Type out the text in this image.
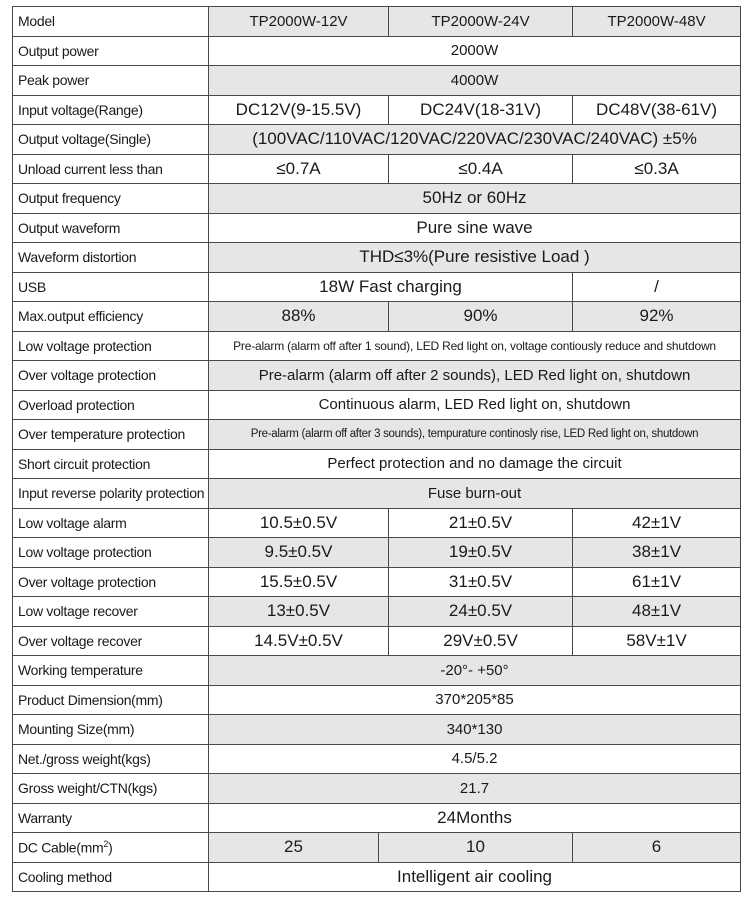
Model	TP2000W-12V		TP2000W-24V	TP2000W-48V
Output power	2000W			
Peak power	4000W			
Input voltage(Range)	DC12V(9-15.5V)		DC24V(18-31V)	DC48V(38-61V)
Output voltage(Single)	(100VAC/110VAC/120VAC/220VAC/230VAC/240VAC) ±5%			
Unload current less than	≤0.7A		≤0.4A	≤0.3A
Output frequency	50Hz or 60Hz			
Output waveform	Pure sine wave			
Waveform distortion	THD≤3%(Pure resistive Load )			
USB	18W Fast charging			/
Max.output efficiency	88%		90%	92%
Low voltage protection	Pre-alarm (alarm off after 1 sound), LED Red light on, voltage contiously reduce and shutdown			
Over voltage protection	Pre-alarm (alarm off after 2 sounds), LED Red light on, shutdown			
Overload protection	Continuous alarm, LED Red light on, shutdown			
Over temperature protection	Pre-alarm (alarm off after 3 sounds), tempurature continosly rise, LED Red light on, shutdown			
Short circuit protection	Perfect protection and no damage the circuit			
Input reverse polarity protection	Fuse burn-out			
Low voltage alarm	10.5±0.5V		21±0.5V	42±1V
Low voltage protection	9.5±0.5V		19±0.5V	38±1V
Over voltage protection	15.5±0.5V		31±0.5V	61±1V
Low voltage recover	13±0.5V		24±0.5V	48±1V
Over voltage recover	14.5V±0.5V		29V±0.5V	58V±1V
Working temperature	-20°- +50°			
Product Dimension(mm)	370*205*85			
Mounting Size(mm)	340*130			
Net./gross weight(kgs)	4.5/5.2			
Gross weight/CTN(kgs)	21.7			
Warranty	24Months			
DC $Cable(mm^2)$	25	10		6
Cooling method	Intelligent air cooling			
